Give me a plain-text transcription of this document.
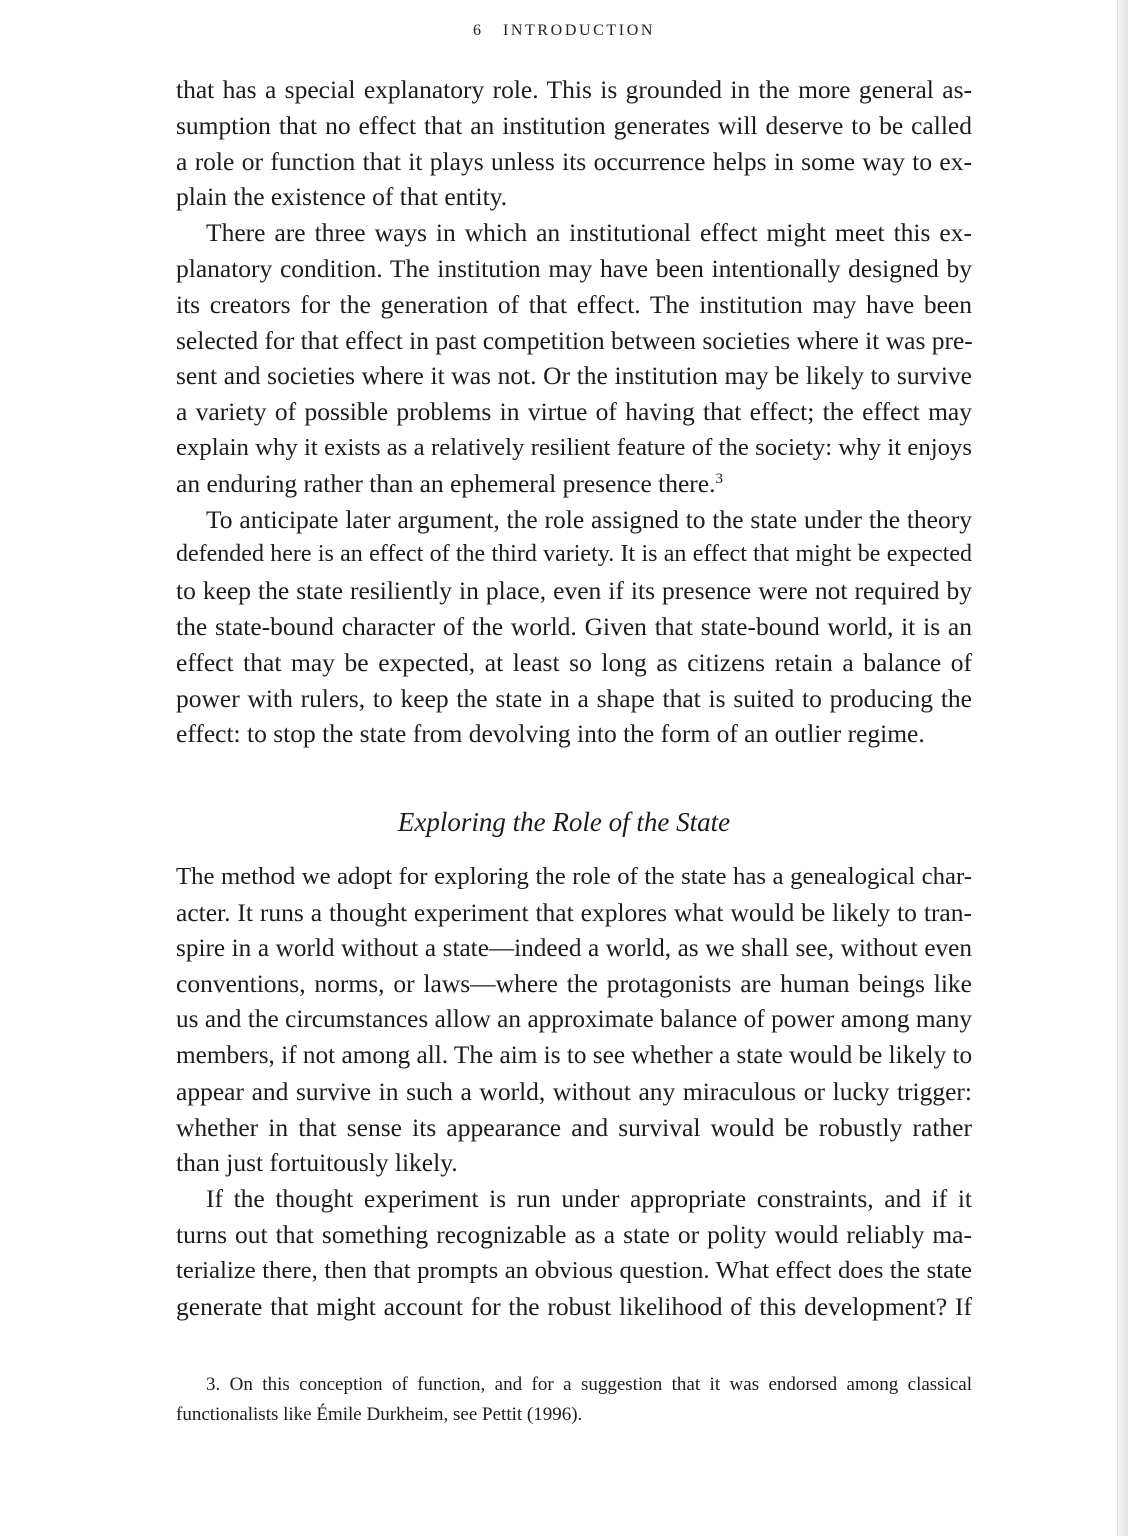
6 INTRODUCTION
that has a special explanatory role. This is grounded in the more general as-
sumption that no effect that an institution generates will deserve to be called
a role or function that it plays unless its occurrence helps in some way to ex-
plain the existence of that entity.
There are three ways in which an institutional effect might meet this ex-
planatory condition. The institution may have been intentionally designed by
its creators for the generation of that effect. The institution may have been
selected for that effect in past competition between societies where it was pre-
sent and societies where it was not. Or the institution may be likely to survive
a variety of possible problems in virtue of having that effect; the effect may
explain why it exists as a relatively resilient feature of the society: why it enjoys
an enduring rather than an ephemeral presence there.$^3$
To anticipate later argument, the role assigned to the state under the theory
defended here is an effect of the third variety. It is an effect that might be expected
to keep the state resiliently in place, even if its presence were not required by
the state-bound character of the world. Given that state-bound world, it is an
effect that may be expected, at least so long as citizens retain a balance of
power with rulers, to keep the state in a shape that is suited to producing the
effect: to stop the state from devolving into the form of an outlier regime.
Exploring the Role of the State
The method we adopt for exploring the role of the state has a genealogical char-
acter. It runs a thought experiment that explores what would be likely to tran-
spire in a world without a state—indeed a world, as we shall see, without even
conventions, norms, or laws—where the protagonists are human beings like
us and the circumstances allow an approximate balance of power among many
members, if not among all. The aim is to see whether a state would be likely to
appear and survive in such a world, without any miraculous or lucky trigger:
whether in that sense its appearance and survival would be robustly rather
than just fortuitously likely.
If the thought experiment is run under appropriate constraints, and if it
turns out that something recognizable as a state or polity would reliably ma-
terialize there, then that prompts an obvious question. What effect does the state
generate that might account for the robust likelihood of this development? If
3. On this conception of function, and for a suggestion that it was endorsed among classical
functionalists like Émile Durkheim, see Pettit (1996).
